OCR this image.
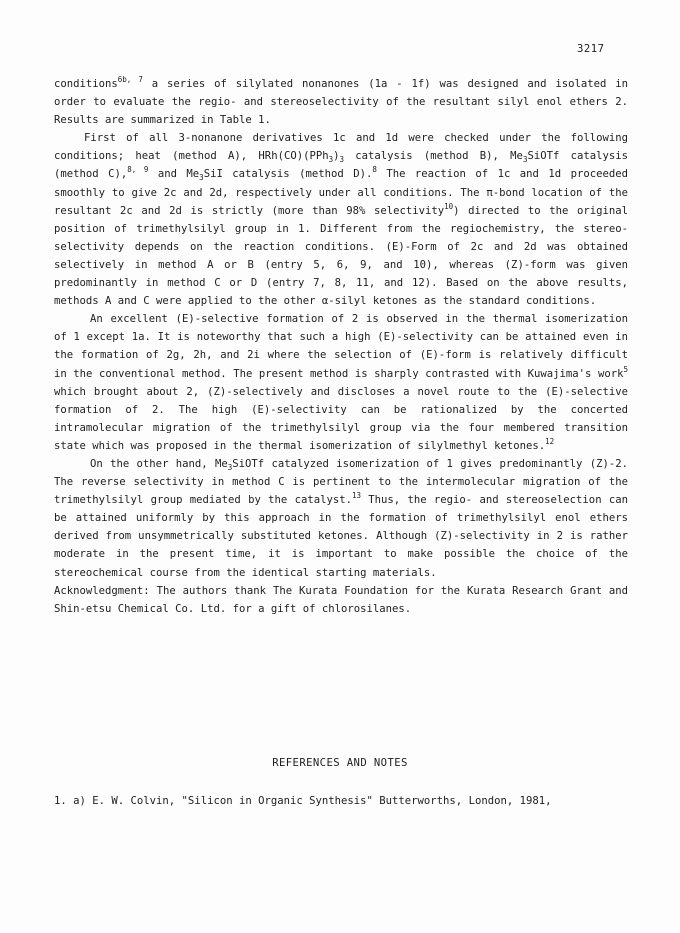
3217

conditions$^{6b, 7}$ a series of silylated nonanones (1a - 1f) was designed and isolated in order to evaluate the regio- and stereoselectivity of the resultant silyl enol ethers 2. Results are summarized in Table 1.

First of all 3-nonanone derivatives 1c and 1d were checked under the following conditions; heat (method A), $HRh(CO)(PPh_3)_3$ catalysis (method B), $Me_3SiOTf$ catalysis (method C),$^{8, 9}$ and $Me_3SiI$ catalysis (method D).$^8$ The reaction of 1c and 1d proceeded smoothly to give 2c and 2d, respectively under all conditions. The π-bond location of the resultant 2c and 2d is strictly (more than 98% selectivity$^{10}$) directed to the original position of trimethylsilyl group in 1. Different from the regiochemistry, the stereo-selectivity depends on the reaction conditions. (E)-Form of 2c and 2d was obtained selectively in method A or B (entry 5, 6, 9, and 10), whereas (Z)-form was given predominantly in method C or D (entry 7, 8, 11, and 12). Based on the above results, methods A and C were applied to the other α-silyl ketones as the standard conditions.

An excellent (E)-selective formation of 2 is observed in the thermal isomerization of 1 except 1a. It is noteworthy that such a high (E)-selectivity can be attained even in the formation of 2g, 2h, and 2i where the selection of (E)-form is relatively difficult in the conventional method. The present method is sharply contrasted with Kuwajima's work$^5$ which brought about 2, (Z)-selectively and discloses a novel route to the (E)-selective formation of 2. The high (E)-selectivity can be rationalized by the concerted intramolecular migration of the trimethylsilyl group via the four membered transition state which was proposed in the thermal isomerization of silylmethyl ketones.$^{12}$

On the other hand, $Me_3SiOTf$ catalyzed isomerization of 1 gives predominantly (Z)-2. The reverse selectivity in method C is pertinent to the intermolecular migration of the trimethylsilyl group mediated by the catalyst.$^{13}$ Thus, the regio- and stereoselection can be attained uniformly by this approach in the formation of trimethylsilyl enol ethers derived from unsymmetrically substituted ketones. Although (Z)-selectivity in 2 is rather moderate in the present time, it is important to make possible the choice of the stereochemical course from the identical starting materials.

Acknowledgment: The authors thank The Kurata Foundation for the Kurata Research Grant and Shin-etsu Chemical Co. Ltd. for a gift of chlorosilanes.

REFERENCES AND NOTES
1. a) E. W. Colvin, "Silicon in Organic Synthesis" Butterworths, London, 1981,
